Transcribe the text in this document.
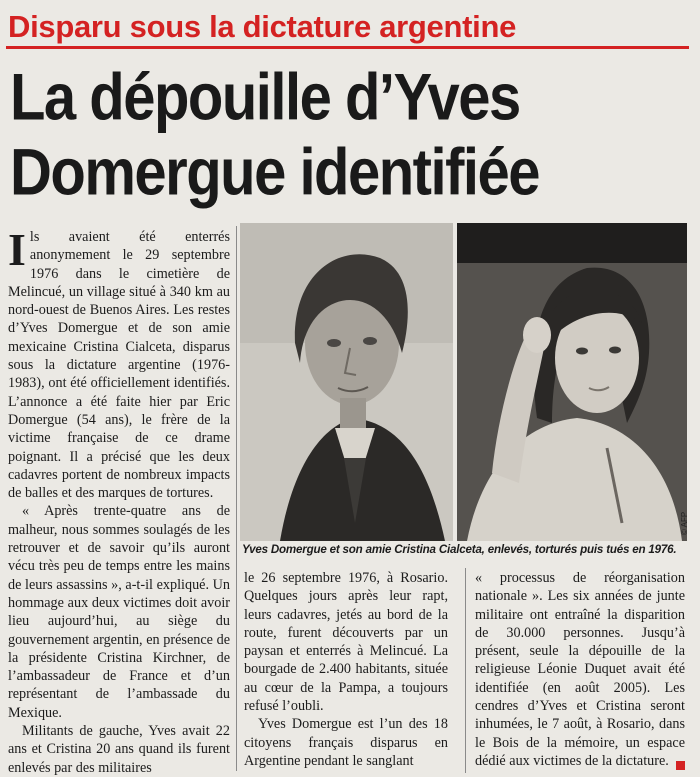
Disparu sous la dictature argentine
La dépouille d’Yves Domergue identifiée

Ils avaient été enterrés anonymement le 29 septembre 1976 dans le cimetière de Melincué, un village situé à 340 km au nord-ouest de Buenos Aires. Les restes d’Yves Domergue et de son amie mexicaine Cristina Cialceta, disparus sous la dictature argentine (1976-1983), ont été officiellement identifiés. L’annonce a été faite hier par Eric Domergue (54 ans), le frère de la victime française de ce drame poignant. Il a précisé que les deux cadavres portent de nombreux impacts de balles et des marques de tortures.

« Après trente-quatre ans de malheur, nous sommes soulagés de les retrouver et de savoir qu’ils auront vécu très peu de temps entre les mains de leurs assassins », a-t-il expliqué. Un hommage aux deux victimes doit avoir lieu aujourd’hui, au siège du gouvernement argentin, en présence de la présidente Cristina Kirchner, de l’ambassadeur de France et d’un représentant de l’ambassade du Mexique.

Militants de gauche, Yves avait 22 ans et Cristina 20 ans quand ils furent enlevés par des militaires

Yves Domergue et son amie Cristina Cialceta, enlevés, torturés puis tués en 1976.
© AFP

le 26 septembre 1976, à Rosario. Quelques jours après leur rapt, leurs cadavres, jetés au bord de la route, furent découverts par un paysan et enterrés à Melincué. La bourgade de 2.400 habitants, située au cœur de la Pampa, a toujours refusé l’oubli.

Yves Domergue est l’un des 18 citoyens français disparus en Argentine pendant le sanglant

« processus de réorganisation nationale ». Les six années de junte militaire ont entraîné la disparition de 30.000 personnes. Jusqu’à présent, seule la dépouille de la religieuse Léonie Duquet avait été identifiée (en août 2005). Les cendres d’Yves et Cristina seront inhumées, le 7 août, à Rosario, dans le Bois de la mémoire, un espace dédié aux victimes de la dictature.
